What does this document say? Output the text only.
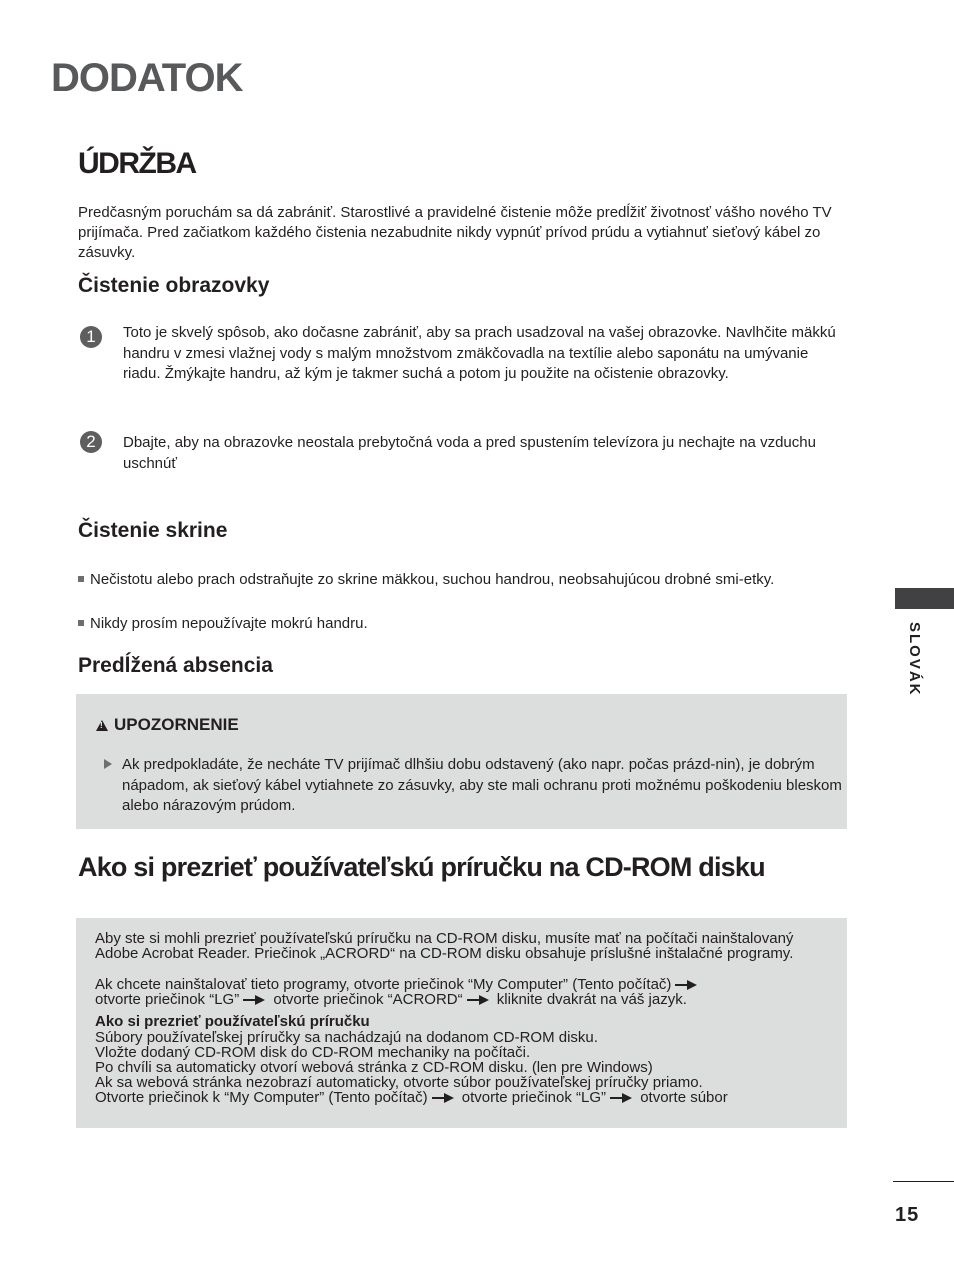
DODATOK
ÚDRŽBA
Predčasným poruchám sa dá zabrániť. Starostlivé a pravidelné čistenie môže predĺžiť životnosť vášho nového TV prijímača. Pred začiatkom každého čistenia nezabudnite nikdy vypnúť prívod prúdu a vytiahnuť sieťový kábel zo zásuvky.
Čistenie obrazovky
1	Toto je skvelý spôsob, ako dočasne zabrániť, aby sa prach usadzoval na vašej obrazovke. Navlhčite mäkkú handru v zmesi vlažnej vody s malým množstvom zmäkčovadla na textílie alebo saponátu na umývanie riadu. Žmýkajte handru, až kým je takmer suchá a potom ju použite na očistenie obrazovky.
2	Dbajte, aby na obrazovke neostala prebytočná voda a pred spustením televízora ju nechajte na vzduchu uschnúť
Čistenie skrine
Nečistotu alebo prach odstraňujte zo skrine mäkkou, suchou handrou, neobsahujúcou drobné smi-etky.
Nikdy prosím nepoužívajte mokrú handru.
Predĺžená absencia
!
UPOZORNENIE
Ak predpokladáte, že necháte TV prijímač dlhšiu dobu odstavený (ako napr. počas prázd-nin), je dobrým nápadom, ak sieťový kábel vytiahnete zo zásuvky, aby ste mali ochranu proti možnému poškodeniu bleskom alebo nárazovým prúdom.
Ako si prezrieť používateľskú príručku na CD-ROM disku
Aby ste si mohli prezrieť používateľskú príručku na CD-ROM disku, musíte mať na počítači nainštalovaný Adobe Acrobat Reader. Priečinok „ACRORD“ na CD-ROM disku obsahuje príslušné inštalačné programy.
Ak chcete nainštalovať tieto programy, otvorte priečinok “My Computer” (Tento počítač)
otvorte priečinok “LG” otvorte priečinok “ACRORD“ kliknite dvakrát na váš jazyk.
Ako si prezrieť používateľskú príručku
Súbory používateľskej príručky sa nachádzajú na dodanom CD-ROM disku.
Vložte dodaný CD-ROM disk do CD-ROM mechaniky na počítači.
Po chvíli sa automaticky otvorí webová stránka z CD-ROM disku. (len pre Windows)
Ak sa webová stránka nezobrazí automaticky, otvorte súbor používateľskej príručky priamo.
Otvorte priečinok k “My Computer” (Tento počítač) otvorte priečinok “LG” otvorte súbor
SLOVÁK
15
